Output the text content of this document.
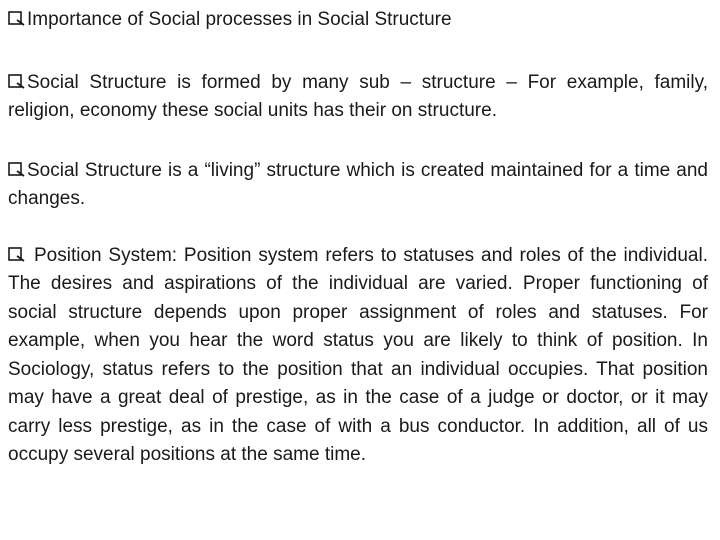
Importance of Social processes in Social Structure

Social Structure is formed by many sub – structure – For example, family, religion, economy these social units has their on structure.

Social Structure is a “living” structure which is created maintained for a time and changes.

Position System: Position system refers to statuses and roles of the individual. The desires and aspirations of the individual are varied. Proper functioning of social structure depends upon proper assignment of roles and statuses. For example, when you hear the word status you are likely to think of position. In Sociology, status refers to the position that an individual occupies. That position may have a great deal of prestige, as in the case of a judge or doctor, or it may carry less prestige, as in the case of with a bus conductor. In addition, all of us occupy several positions at the same time.
